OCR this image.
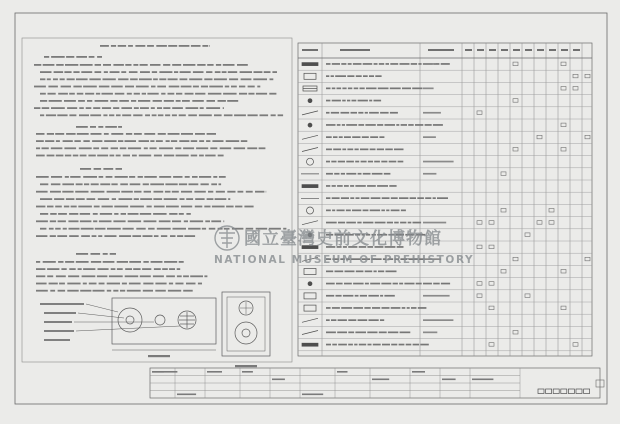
國立臺灣史前文化博物館
NATIONAL MUSEUM OF PREHISTORY
